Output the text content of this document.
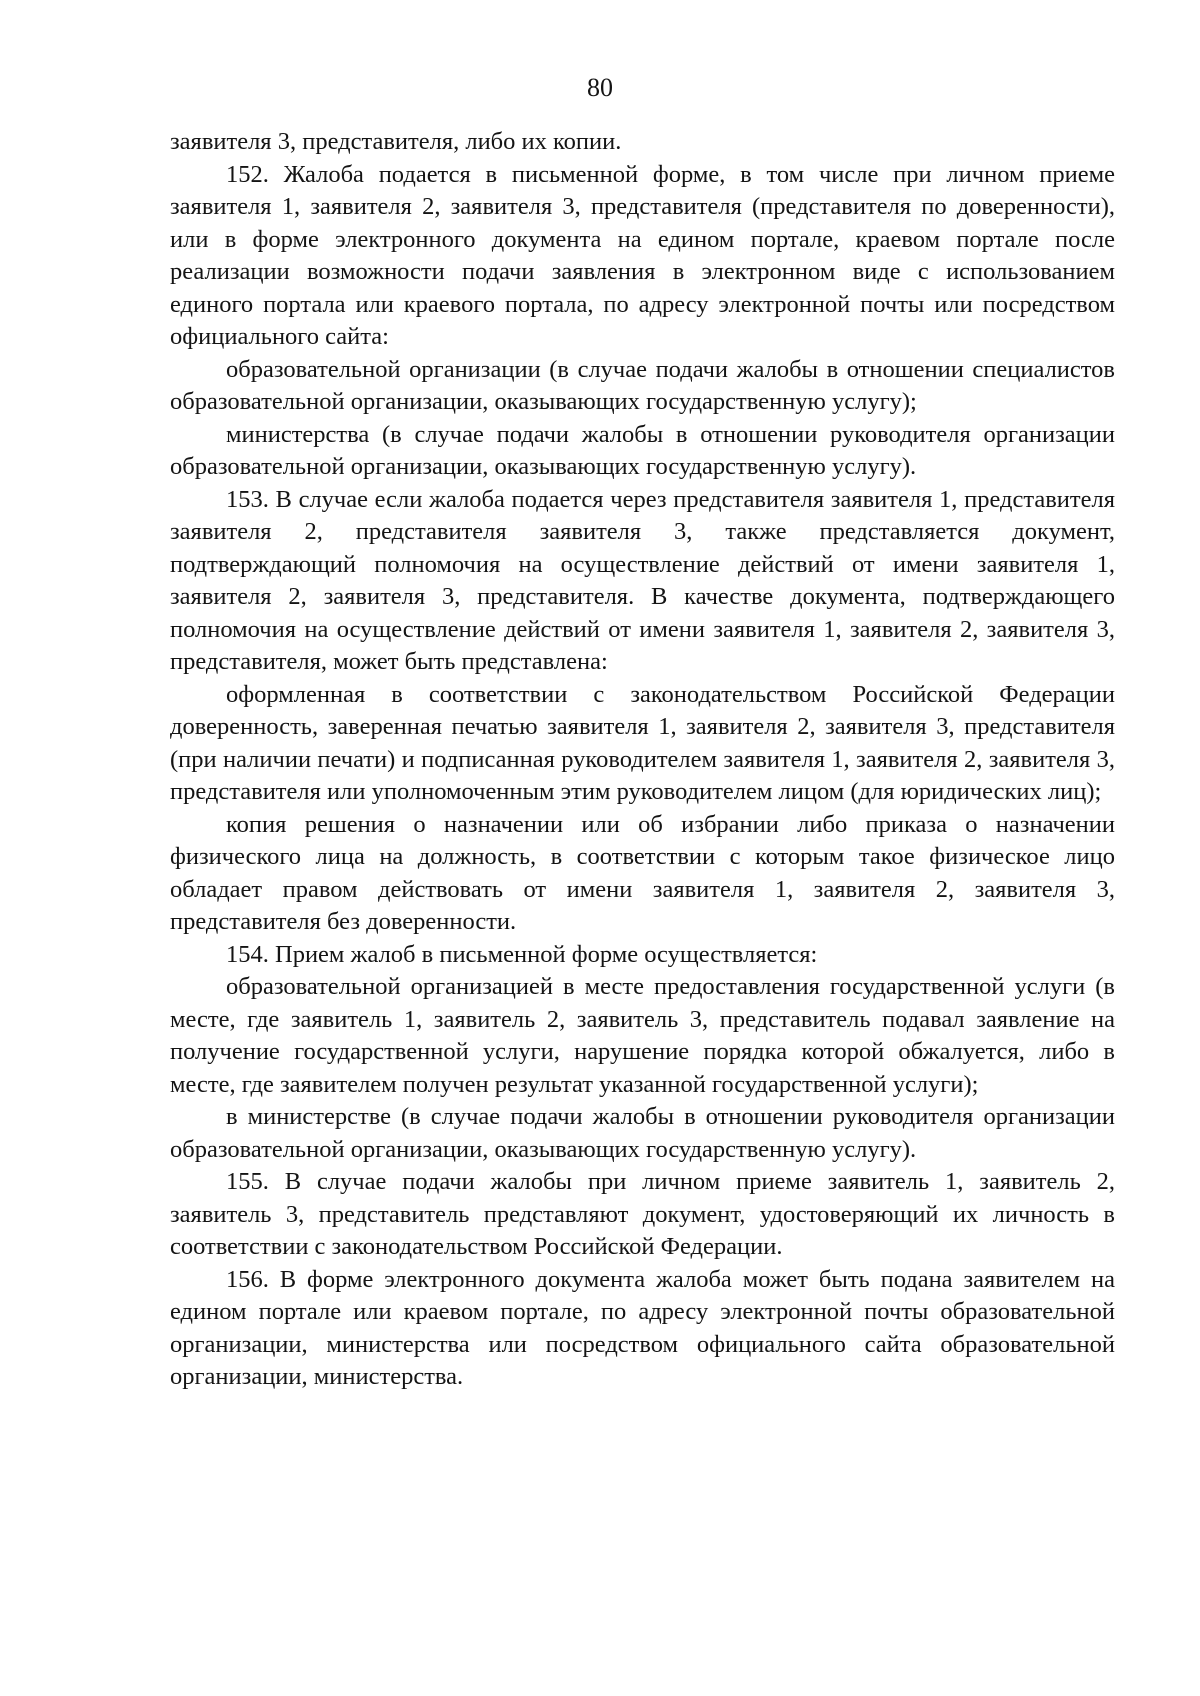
80

заявителя 3, представителя, либо их копии.

152. Жалоба подается в письменной форме, в том числе при личном приеме заявителя 1, заявителя 2, заявителя 3, представителя (представителя по доверенности), или в форме электронного документа на едином портале, краевом портале после реализации возможности подачи заявления в электронном виде с использованием единого портала или краевого портала, по адресу электронной почты или посредством официального сайта:

образовательной организации (в случае подачи жалобы в отношении специалистов образовательной организации, оказывающих государственную услугу);

министерства (в случае подачи жалобы в отношении руководителя организации образовательной организации, оказывающих государственную услугу).

153. В случае если жалоба подается через представителя заявителя 1, представителя заявителя 2, представителя заявителя 3, также представляется документ, подтверждающий полномочия на осуществление действий от имени заявителя 1, заявителя 2, заявителя 3, представителя. В качестве документа, подтверждающего полномочия на осуществление действий от имени заявителя 1, заявителя 2, заявителя 3, представителя, может быть представлена:

оформленная в соответствии с законодательством Российской Федерации доверенность, заверенная печатью заявителя 1, заявителя 2, заявителя 3, представителя (при наличии печати) и подписанная руководителем заявителя 1, заявителя 2, заявителя 3, представителя или уполномоченным этим руководителем лицом (для юридических лиц);

копия решения о назначении или об избрании либо приказа о назначении физического лица на должность, в соответствии с которым такое физическое лицо обладает правом действовать от имени заявителя 1, заявителя 2, заявителя 3, представителя без доверенности.

154. Прием жалоб в письменной форме осуществляется:

образовательной организацией в месте предоставления государственной услуги (в месте, где заявитель 1, заявитель 2, заявитель 3, представитель подавал заявление на получение государственной услуги, нарушение порядка которой обжалуется, либо в месте, где заявителем получен результат указанной государственной услуги);

в министерстве (в случае подачи жалобы в отношении руководителя организации образовательной организации, оказывающих государственную услугу).

155. В случае подачи жалобы при личном приеме заявитель 1, заявитель 2, заявитель 3, представитель представляют документ, удостоверяющий их личность в соответствии с законодательством Российской Федерации.

156. В форме электронного документа жалоба может быть подана заявителем на едином портале или краевом портале, по адресу электронной почты образовательной организации, министерства или посредством официального сайта образовательной организации, министерства.
